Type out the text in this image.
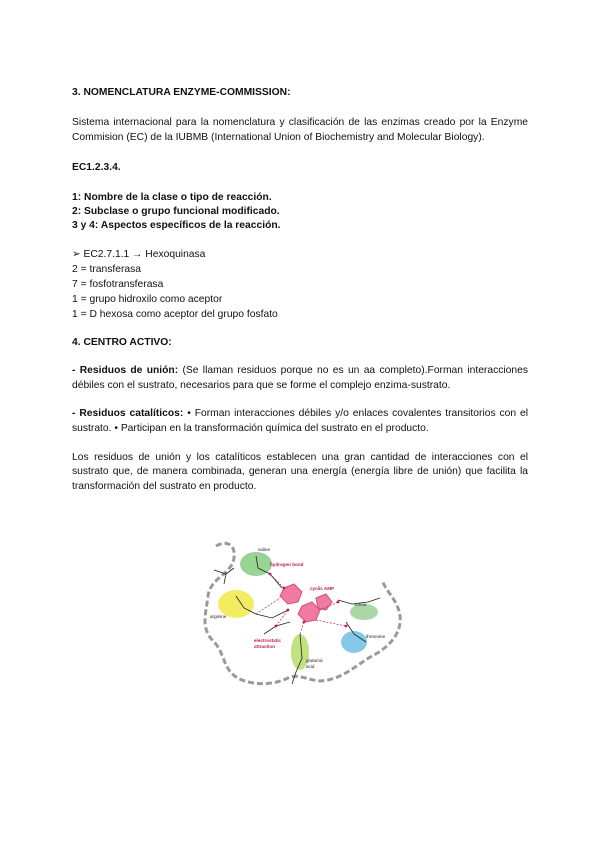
3. NOMENCLATURA ENZYME-COMMISSION:

Sistema internacional para la nomenclatura y clasificación de las enzimas creado por la Enzyme Commision (EC) de la IUBMB (International Union of Biochemistry and Molecular Biology).

EC1.2.3.4.

1: Nombre de la clase o tipo de reacción.

2: Subclase o grupo funcional modificado.

3 y 4: Aspectos específicos de la reacción.

➢ EC2.7.1.1 → Hexoquinasa

2 = transferasa

7 = fosfotransferasa

1 = grupo hidroxilo como aceptor

1 = D hexosa como aceptor del grupo fosfato

4. CENTRO ACTIVO:

- Residuos de unión: (Se llaman residuos porque no es un aa completo).Forman interacciones débiles con el sustrato, necesarios para que se forme el complejo enzima-sustrato.

- Residuos catalíticos: • Forman interacciones débiles y/o enlaces covalentes transitorios con el sustrato. • Participan en la transformación química del sustrato en el producto.

Los residuos de unión y los catalíticos establecen una gran cantidad de interacciones con el sustrato que, de manera combinada, generan una energía (energía libre de unión) que facilita la transformación del sustrato en producto.

valine
hydrogen bond
cyclic AMP
arginine
serine
threonine
electrostatic
attraction
glutamic
acid
